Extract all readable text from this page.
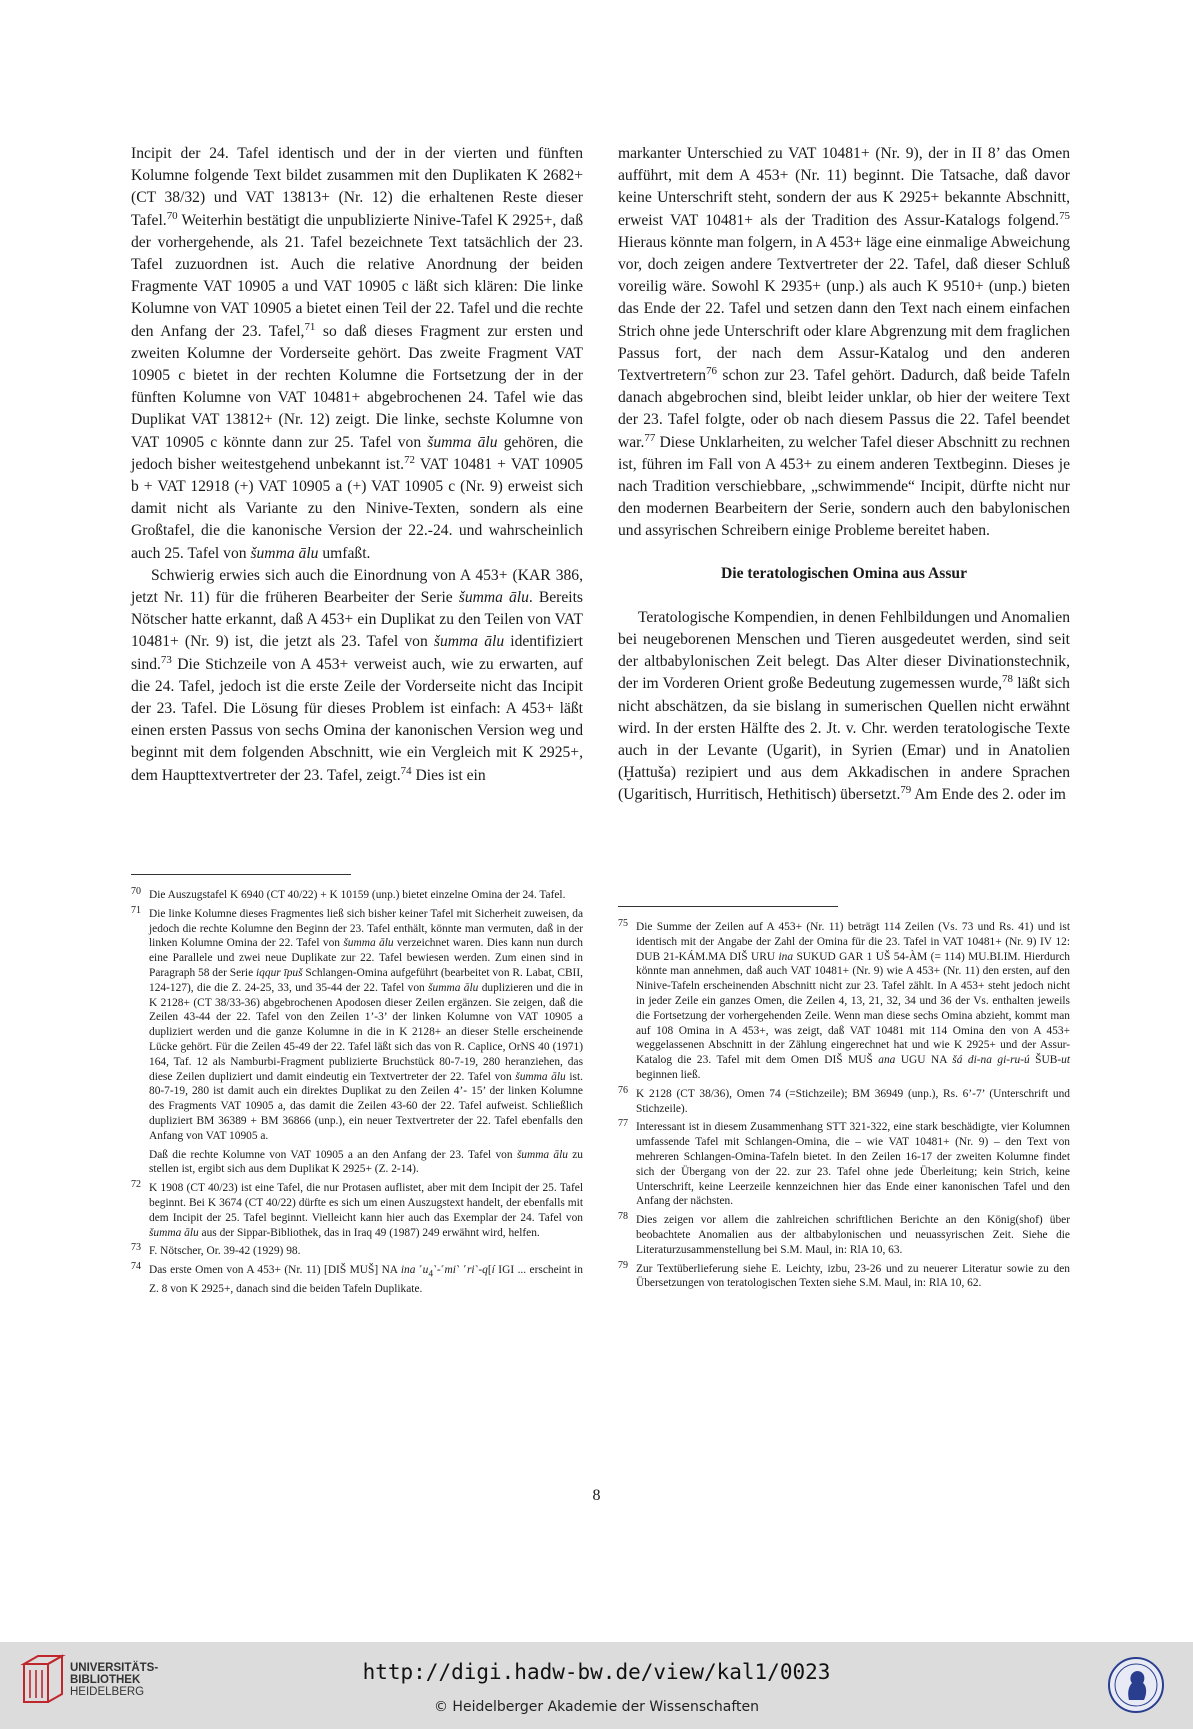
Incipit der 24. Tafel identisch und der in der vierten und fünften Kolumne folgende Text bildet zusammen mit den Duplikaten K 2682+ (CT 38/32) und VAT 13813+ (Nr. 12) die erhaltenen Reste dieser Tafel.$^{70}$ Weiterhin bestätigt die unpublizierte Ninive-Tafel K 2925+, daß der vorhergehende, als 21. Tafel bezeichnete Text tatsächlich der 23. Tafel zuzuordnen ist. Auch die relative Anordnung der beiden Fragmente VAT 10905 a und VAT 10905 c läßt sich klären: Die linke Kolumne von VAT 10905 a bietet einen Teil der 22. Tafel und die rechte den Anfang der 23. Tafel,$^{71}$ so daß dieses Fragment zur ersten und zweiten Kolumne der Vorderseite gehört. Das zweite Fragment VAT 10905 c bietet in der rechten Kolumne die Fortsetzung der in der fünften Kolumne von VAT 10481+ abgebrochenen 24. Tafel wie das Duplikat VAT 13812+ (Nr. 12) zeigt. Die linke, sechste Kolumne von VAT 10905 c könnte dann zur 25. Tafel von šumma ālu gehören, die jedoch bisher weitestgehend unbekannt ist.$^{72}$ VAT 10481 + VAT 10905 b + VAT 12918 (+) VAT 10905 a (+) VAT 10905 c (Nr. 9) erweist sich damit nicht als Variante zu den Ninive-Texten, sondern als eine Großtafel, die die kanonische Version der 22.-24. und wahrscheinlich auch 25. Tafel von šumma ālu umfaßt.

Schwierig erwies sich auch die Einordnung von A 453+ (KAR 386, jetzt Nr. 11) für die früheren Bearbeiter der Serie šumma ālu. Bereits Nötscher hatte erkannt, daß A 453+ ein Duplikat zu den Teilen von VAT 10481+ (Nr. 9) ist, die jetzt als 23. Tafel von šumma ālu identifiziert sind.$^{73}$ Die Stichzeile von A 453+ verweist auch, wie zu erwarten, auf die 24. Tafel, jedoch ist die erste Zeile der Vorderseite nicht das Incipit der 23. Tafel. Die Lösung für dieses Problem ist einfach: A 453+ läßt einen ersten Passus von sechs Omina der kanonischen Version weg und beginnt mit dem folgenden Abschnitt, wie ein Vergleich mit K 2925+, dem Haupttextvertreter der 23. Tafel, zeigt.$^{74}$ Dies ist ein

markanter Unterschied zu VAT 10481+ (Nr. 9), der in II 8’ das Omen aufführt, mit dem A 453+ (Nr. 11) beginnt. Die Tatsache, daß davor keine Unterschrift steht, sondern der aus K 2925+ bekannte Abschnitt, erweist VAT 10481+ als der Tradition des Assur-Katalogs folgend.$^{75}$ Hieraus könnte man folgern, in A 453+ läge eine einmalige Abweichung vor, doch zeigen andere Textvertreter der 22. Tafel, daß dieser Schluß voreilig wäre. Sowohl K 2935+ (unp.) als auch K 9510+ (unp.) bieten das Ende der 22. Tafel und setzen dann den Text nach einem einfachen Strich ohne jede Unterschrift oder klare Abgrenzung mit dem fraglichen Passus fort, der nach dem Assur-Katalog und den anderen Textvertretern$^{76}$ schon zur 23. Tafel gehört. Dadurch, daß beide Tafeln danach abgebrochen sind, bleibt leider unklar, ob hier der weitere Text der 23. Tafel folgte, oder ob nach diesem Passus die 22. Tafel beendet war.$^{77}$ Diese Unklarheiten, zu welcher Tafel dieser Abschnitt zu rechnen ist, führen im Fall von A 453+ zu einem anderen Textbeginn. Dieses je nach Tradition verschiebbare, „schwimmende“ Incipit, dürfte nicht nur den modernen Bearbeitern der Serie, sondern auch den babylonischen und assyrischen Schreibern einige Probleme bereitet haben.

Die teratologischen Omina aus Assur

Teratologische Kompendien, in denen Fehlbildungen und Anomalien bei neugeborenen Menschen und Tieren ausgedeutet werden, sind seit der altbabylonischen Zeit belegt. Das Alter dieser Divinationstechnik, der im Vorderen Orient große Bedeutung zugemessen wurde,$^{78}$ läßt sich nicht abschätzen, da sie bislang in sumerischen Quellen nicht erwähnt wird. In der ersten Hälfte des 2. Jt. v. Chr. werden teratologische Texte auch in der Levante (Ugarit), in Syrien (Emar) und in Anatolien (Ḫattuša) rezipiert und aus dem Akkadischen in andere Sprachen (Ugaritisch, Hurritisch, Hethitisch) übersetzt.$^{79}$ Am Ende des 2. oder im

70 Die Auszugstafel K 6940 (CT 40/22) + K 10159 (unp.) bietet einzelne Omina der 24. Tafel.
71 Die linke Kolumne dieses Fragmentes ließ sich bisher keiner Tafel mit Sicherheit zuweisen, da jedoch die rechte Kolumne den Beginn der 23. Tafel enthält, könnte man vermuten, daß in der linken Kolumne Omina der 22. Tafel von šumma ālu verzeichnet waren. Dies kann nun durch eine Parallele und zwei neue Duplikate zur 22. Tafel bewiesen werden. Zum einen sind in Paragraph 58 der Serie iqqur īpuš Schlangen-Omina aufgeführt (bearbeitet von R. Labat, CBII, 124-127), die die Z. 24-25, 33, und 35-44 der 22. Tafel von šumma ālu duplizieren und die in K 2128+ (CT 38/33-36) abgebrochenen Apodosen dieser Zeilen ergänzen. Sie zeigen, daß die Zeilen 43-44 der 22. Tafel von den Zeilen 1’-3’ der linken Kolumne von VAT 10905 a dupliziert werden und die ganze Kolumne in die in K 2128+ an dieser Stelle erscheinende Lücke gehört. Für die Zeilen 45-49 der 22. Tafel läßt sich das von R. Caplice, OrNS 40 (1971) 164, Taf. 12 als Namburbi-Fragment publizierte Bruchstück 80-7-19, 280 heranziehen, das diese Zeilen dupliziert und damit eindeutig ein Textvertreter der 22. Tafel von šumma ālu ist. 80-7-19, 280 ist damit auch ein direktes Duplikat zu den Zeilen 4’- 15’ der linken Kolumne des Fragments VAT 10905 a, das damit die Zeilen 43-60 der 22. Tafel aufweist. Schließlich dupliziert BM 36389 + BM 36866 (unp.), ein neuer Textvertreter der 22. Tafel ebenfalls den Anfang von VAT 10905 a.
Daß die rechte Kolumne von VAT 10905 a an den Anfang der 23. Tafel von šumma ālu zu stellen ist, ergibt sich aus dem Duplikat K 2925+ (Z. 2-14).
72 K 1908 (CT 40/23) ist eine Tafel, die nur Protasen auflistet, aber mit dem Incipit der 25. Tafel beginnt. Bei K 3674 (CT 40/22) dürfte es sich um einen Auszugstext handelt, der ebenfalls mit dem Incipit der 25. Tafel beginnt. Vielleicht kann hier auch das Exemplar der 24. Tafel von šumma ālu aus der Sippar-Bibliothek, das in Iraq 49 (1987) 249 erwähnt wird, helfen.
73 F. Nötscher, Or. 39-42 (1929) 98.
74 Das erste Omen von A 453+ (Nr. 11) [DIŠ MUŠ] NA ina $˹u_4˺-˹mi˺$ ˹ri˺-q[í IGI ... erscheint in Z. 8 von K 2925+, danach sind die beiden Tafeln Duplikate.
75 Die Summe der Zeilen auf A 453+ (Nr. 11) beträgt 114 Zeilen (Vs. 73 und Rs. 41) und ist identisch mit der Angabe der Zahl der Omina für die 23. Tafel in VAT 10481+ (Nr. 9) IV 12: DUB 21-KÁM.MA DIŠ URU ina SUKUD GAR 1 UŠ 54-ÀM (= 114) MU.BI.IM. Hierdurch könnte man annehmen, daß auch VAT 10481+ (Nr. 9) wie A 453+ (Nr. 11) den ersten, auf den Ninive-Tafeln erscheinenden Abschnitt nicht zur 23. Tafel zählt. In A 453+ steht jedoch nicht in jeder Zeile ein ganzes Omen, die Zeilen 4, 13, 21, 32, 34 und 36 der Vs. enthalten jeweils die Fortsetzung der vorhergehenden Zeile. Wenn man diese sechs Omina abzieht, kommt man auf 108 Omina in A 453+, was zeigt, daß VAT 10481 mit 114 Omina den von A 453+ weggelassenen Abschnitt in der Zählung eingerechnet hat und wie K 2925+ und der Assur-Katalog die 23. Tafel mit dem Omen DIŠ MUŠ ana UGU NA šá di-na gi-ru-ú ŠUB-ut beginnen ließ.
76 K 2128 (CT 38/36), Omen 74 (=Stichzeile); BM 36949 (unp.), Rs. 6’-7’ (Unterschrift und Stichzeile).
77 Interessant ist in diesem Zusammenhang STT 321-322, eine stark beschädigte, vier Kolumnen umfassende Tafel mit Schlangen-Omina, die – wie VAT 10481+ (Nr. 9) – den Text von mehreren Schlangen-Omina-Tafeln bietet. In den Zeilen 16-17 der zweiten Kolumne findet sich der Übergang von der 22. zur 23. Tafel ohne jede Überleitung; kein Strich, keine Unterschrift, keine Leerzeile kennzeichnen hier das Ende einer kanonischen Tafel und den Anfang der nächsten.
78 Dies zeigen vor allem die zahlreichen schriftlichen Berichte an den König(shof) über beobachtete Anomalien aus der altbabylonischen und neuassyrischen Zeit. Siehe die Literaturzusammenstellung bei S.M. Maul, in: RlA 10, 63.
79 Zur Textüberlieferung siehe E. Leichty, izbu, 23-26 und zu neuerer Literatur sowie zu den Übersetzungen von teratologischen Texten siehe S.M. Maul, in: RlA 10, 62.
8
UNIVERSITÄTS-
BIBLIOTHEK
HEIDELBERG
http://digi.hadw-bw.de/view/kal1/0023
© Heidelberger Akademie der Wissenschaften
